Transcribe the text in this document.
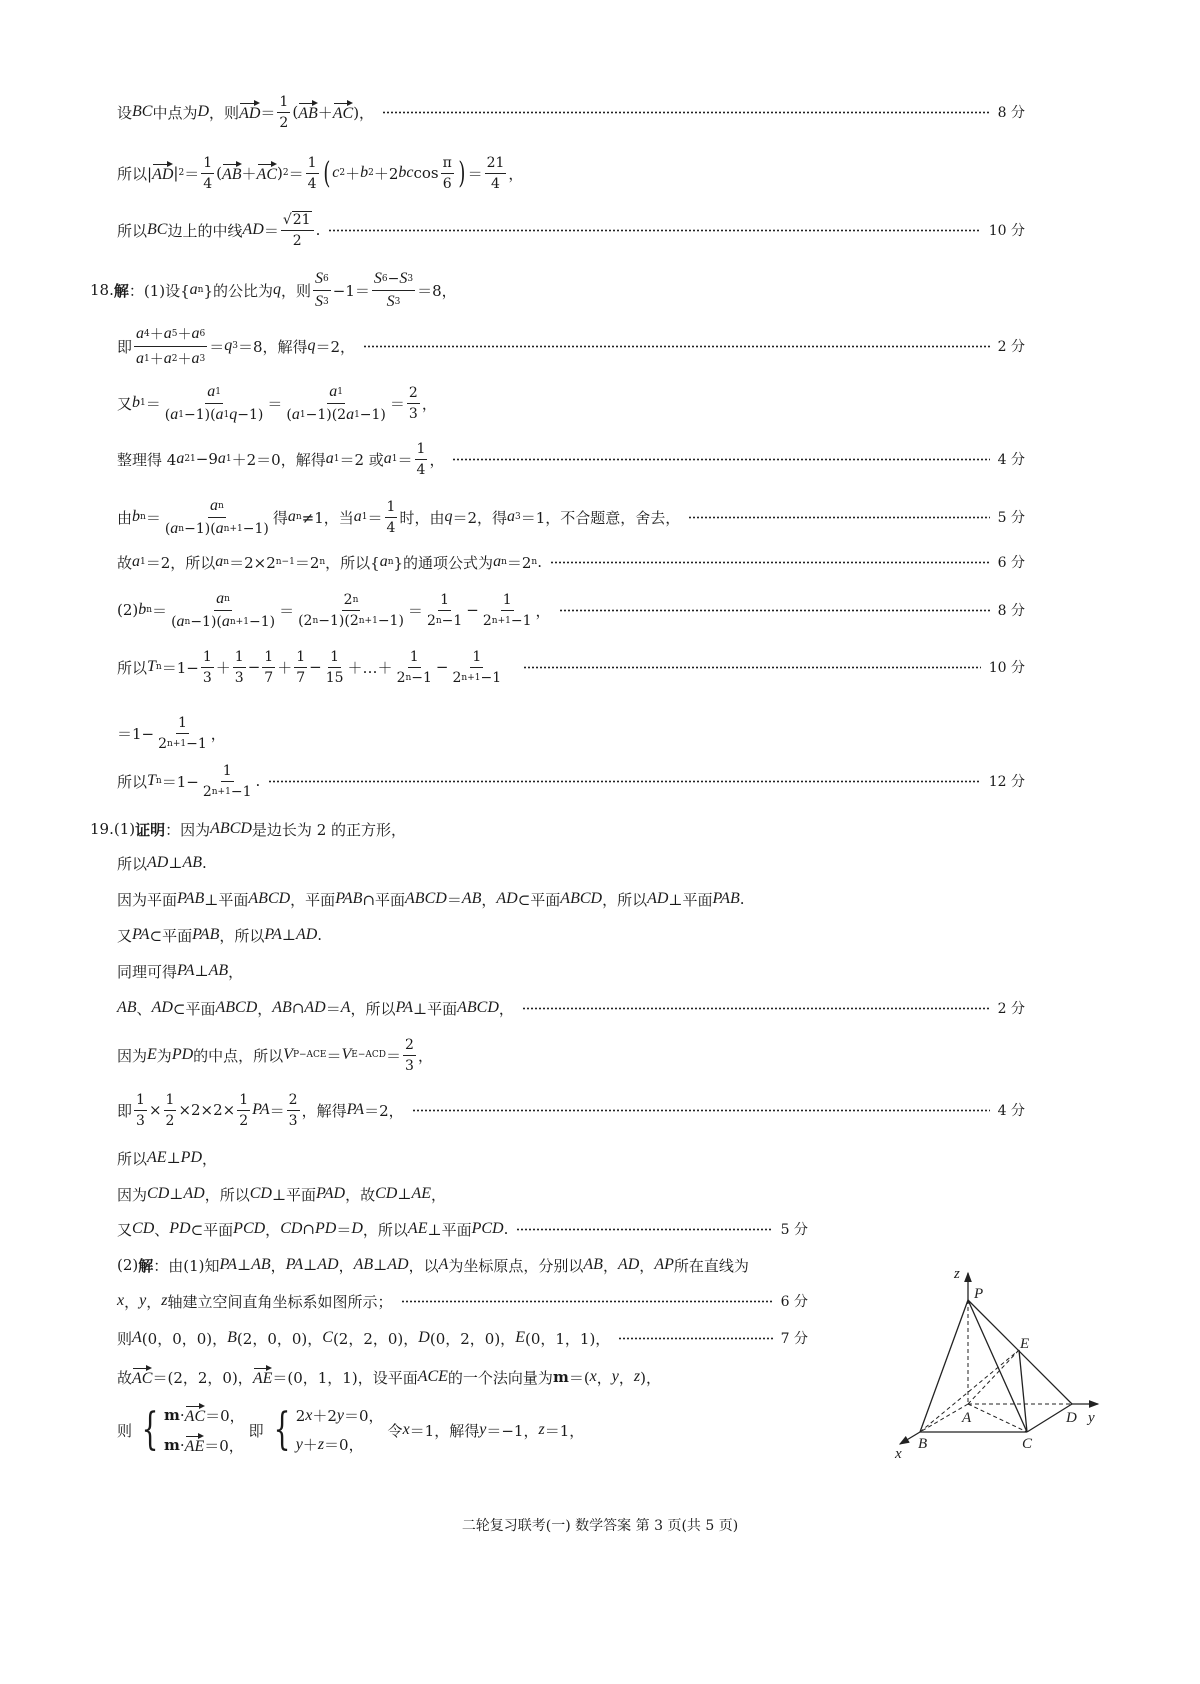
设 BC 中点为 D ，则 AD ＝ $\frac{1}{2}$ ( AB ＋ AC )，	8 分
所以| AD | $2 = \frac{1}{4}$ ( AB ＋ AC ) $2 = \frac{1}{4}$ ( c 2 ＋ b 2 ＋2 bc $\cos \frac{\pi}{6}$ ) ＝ $\frac{21}{4}$ ，
所以 BC 边上的中线 AD ＝ $\frac{√21}{2}$ .	10 分
18. 解 ：(1)设{ a n }的公比为 q ，则 $\frac{S 6}{S 3} -1= \frac{S 6 - S 3}{S 3} =8$，
即 $\frac{a 4 + a 5 + a 6}{a 1 + a 2 + a 3} = q$ 3 ＝8，解得 q ＝2，	2 分
又 b $1 = \frac{a 1}{( a 1 -1)( a 1 q -1)} = \frac{a 1}{( a 1 -1)(2 a 1 -1)} = \frac{2}{3}$ ，
整理得 4 a 2 1 −9 a 1 ＋2＝0，解得 a 1 ＝2 或 a $1 = \frac{1}{4}$ ，	4 分
由 b $n = \frac{\text{a n}}{\text{( a n −1)( a n+1 −1)}}$ 得 a n ≠1，当 a $1 = \frac{1}{4}$ 时，由 q ＝2，得 a 3 ＝1，不合题意，舍去，	5 分
故 a 1 ＝2，所以 a n ＝2×2 n−1 ＝2 n ，所以{ a n }的通项公式为 a n ＝2 n .	6 分
(2) b $n = \frac{\text{a n}}{\text{( a n −1)( a n+1 −1)}} = \frac{2 n}{(2 n -1)(2 n+1 -1)} = \frac{1}{2 n -1} - \frac{1}{2 n+1 -1}$ ，	8 分
所以 T $n =1- \frac{1}{3} + \frac{1}{3} - \frac{1}{7} + \frac{1}{7} - \frac{1}{15}$ ＋…＋ $\frac{1}{2 n -1} - \frac{1}{2 n+1 -1}$	10 分
$=1- \frac{1}{2 n+1 -1}$ ，
所以 T $n =1- \frac{1}{2 n+1 -1}$ .	12 分
19.(1) 证明 ：因为 ABCD 是边长为 2 的正方形，
所以 AD ⊥ AB .
因为平面 PAB ⊥平面 ABCD ，平面 PAB ∩平面 ABCD ＝ AB ， AD ⊂平面 ABCD ，所以 AD ⊥平面 PAB .
又 PA ⊂平面 PAB ，所以 PA ⊥ AD .
同理可得 PA ⊥ AB ，
AB 、 AD ⊂平面 ABCD ， AB ∩ AD ＝ A ，所以 PA ⊥平面 ABCD ，	2 分
因为 E 为 PD 的中点，所以 V P−ACE ＝ V $E-ACD = \frac{2}{3}$ ，
即 $\frac{1}{3} \times \frac{1}{2} \times 2\times 2\times \frac{1}{2}$ PA ＝ $\frac{2}{3}$ ，解得 PA ＝2，	4 分
所以 AE ⊥ PD ，
因为 CD ⊥ AD ，所以 CD ⊥平面 PAD ，故 CD ⊥ AE ，
又 CD 、 PD ⊂平面 PCD ， CD ∩ PD ＝ D ，所以 AE ⊥平面 PCD .	5 分
(2) 解 ：由(1)知 PA ⊥ AB ， PA ⊥ AD ， AB ⊥ AD ，以 A 为坐标原点，分别以 AB ， AD ， AP 所在直线为
x ， y ， z 轴建立空间直角坐标系如图所示；	6 分
则 A (0，0，0)， B (2，0，0)， C (2，2，0)， D (0，2，0)， E (0，1，1)，	7 分
故 AC ＝(2，2，0)， AE ＝(0，1，1)，设平面 ACE 的一个法向量为 m ＝( x ， y ， z )，
则 { m · AC ＝0，
m · AE ＝0，
即 { 2 x ＋2 y ＝0，
y ＋ z ＝0，
令 x ＝1，解得 y ＝−1， z ＝1，
z
P
E
A	D y
B	C
x
二轮复习联考(一) 数学答案 第 3 页(共 5 页)
